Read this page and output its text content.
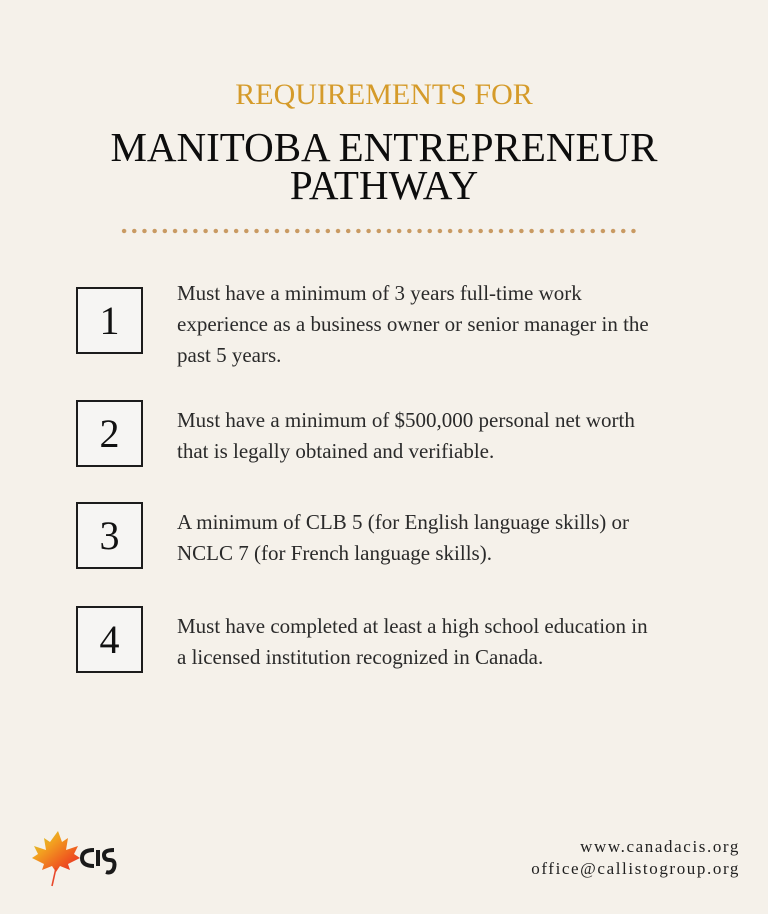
REQUIREMENTS FOR
MANITOBA ENTREPRENEUR
PATHWAY
1
Must have a minimum of 3 years full-time work
experience as a business owner or senior manager in the
past 5 years.
2	Must have a minimum of $500,000 personal net worth
that is legally obtained and verifiable.
3	A minimum of CLB 5 (for English language skills) or
NCLC 7 (for French language skills).
4	Must have completed at least a high school education in
a licensed institution recognized in Canada.
www.canadacis.org
office@callistogroup.org
